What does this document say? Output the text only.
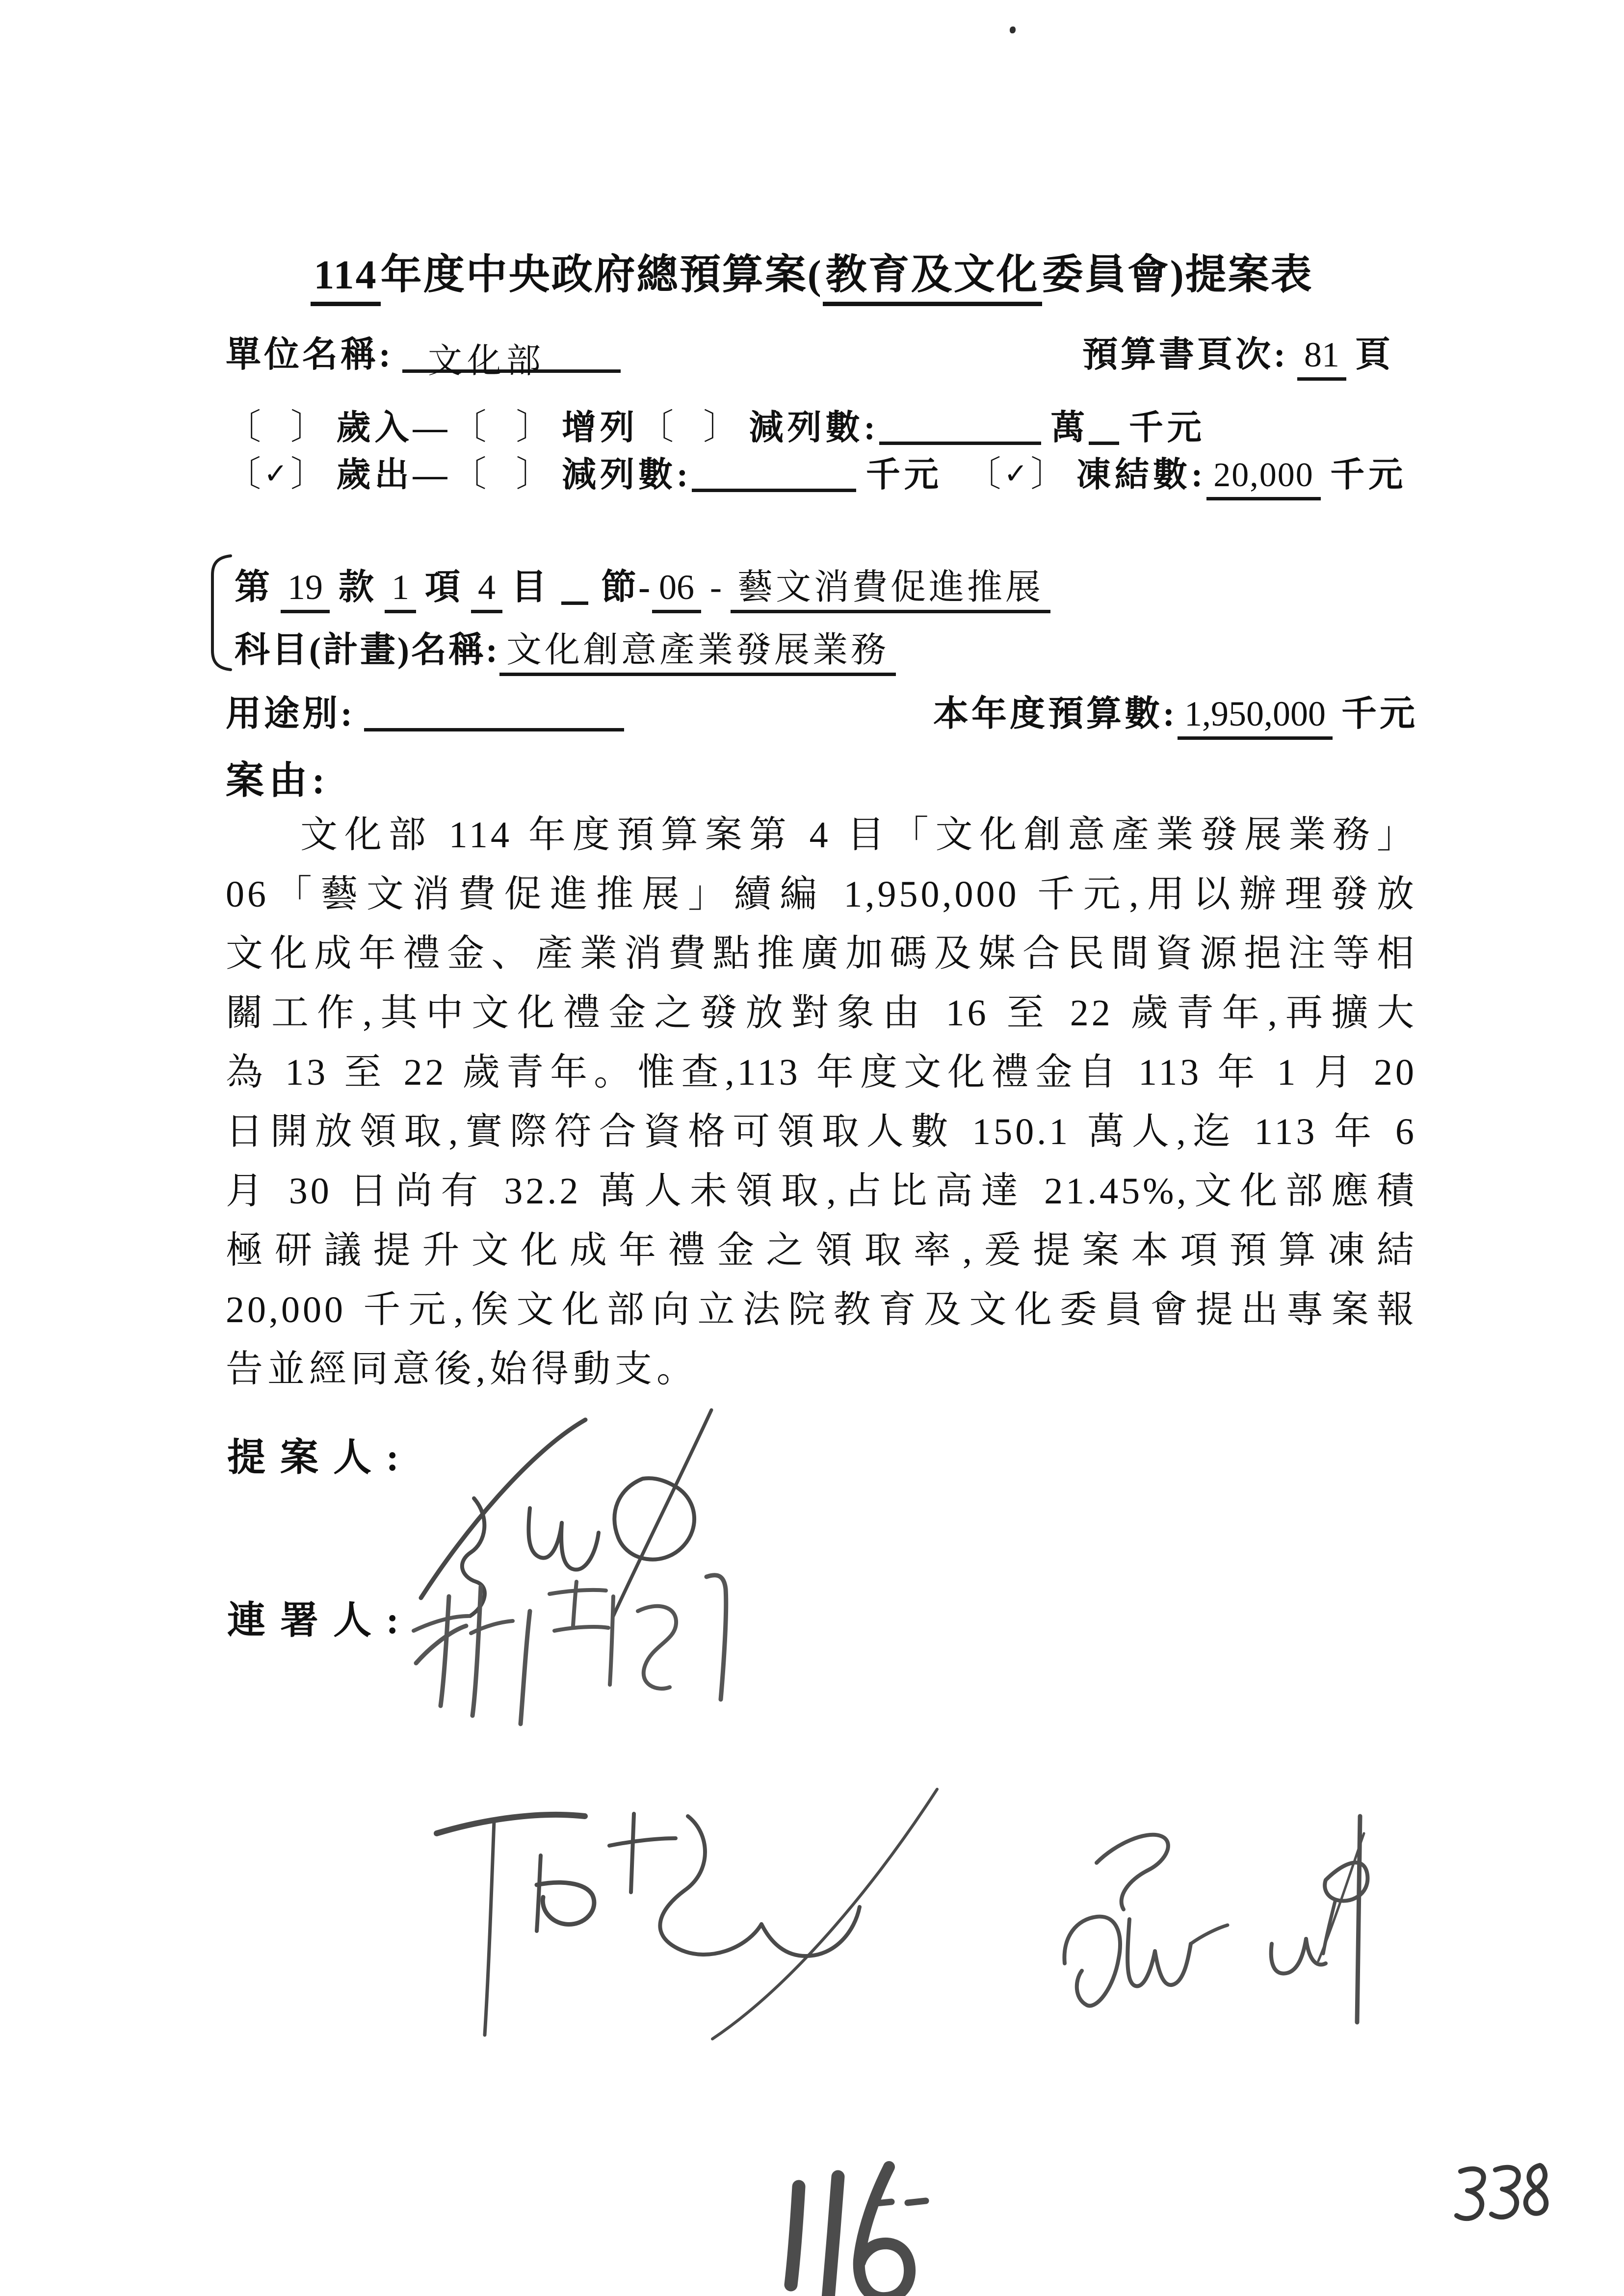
114年度中央政府總預算案(教育及文化委員會)提案表
單位名稱: 文化部	預算書頁次: 81 頁
〔 〕 歲入—〔 〕 增列〔 〕 減列數:	萬 千元
〔✓〕 歲出—〔 〕 減列數:	千元 〔✓〕 凍結數: 20,000 千元
第 19 款 1 項 4 目 節- 06 - 藝文消費促進推展
科目(計畫)名稱: 文化創意產業發展業務
用途別:	本年度預算數: 1,950,000 千元
案由:
文化部 114 年度預算案第 4 目「文化創意產業發展業務」
06「藝文消費促進推展」續編 1,950,000 千元,用以辦理發放
文化成年禮金、產業消費點推廣加碼及媒合民間資源挹注等相
關工作,其中文化禮金之發放對象由 16 至 22 歲青年,再擴大
為 13 至 22 歲青年。惟查,113 年度文化禮金自 113 年 1 月 20
日開放領取,實際符合資格可領取人數 150.1 萬人,迄 113 年 6
月 30 日尚有 32.2 萬人未領取,占比高達 21.45%,文化部應積
極研議提升文化成年禮金之領取率,爰提案本項預算凍結
20,000 千元,俟文化部向立法院教育及文化委員會提出專案報
告並經同意後,始得動支。
提案人:
連署人:
